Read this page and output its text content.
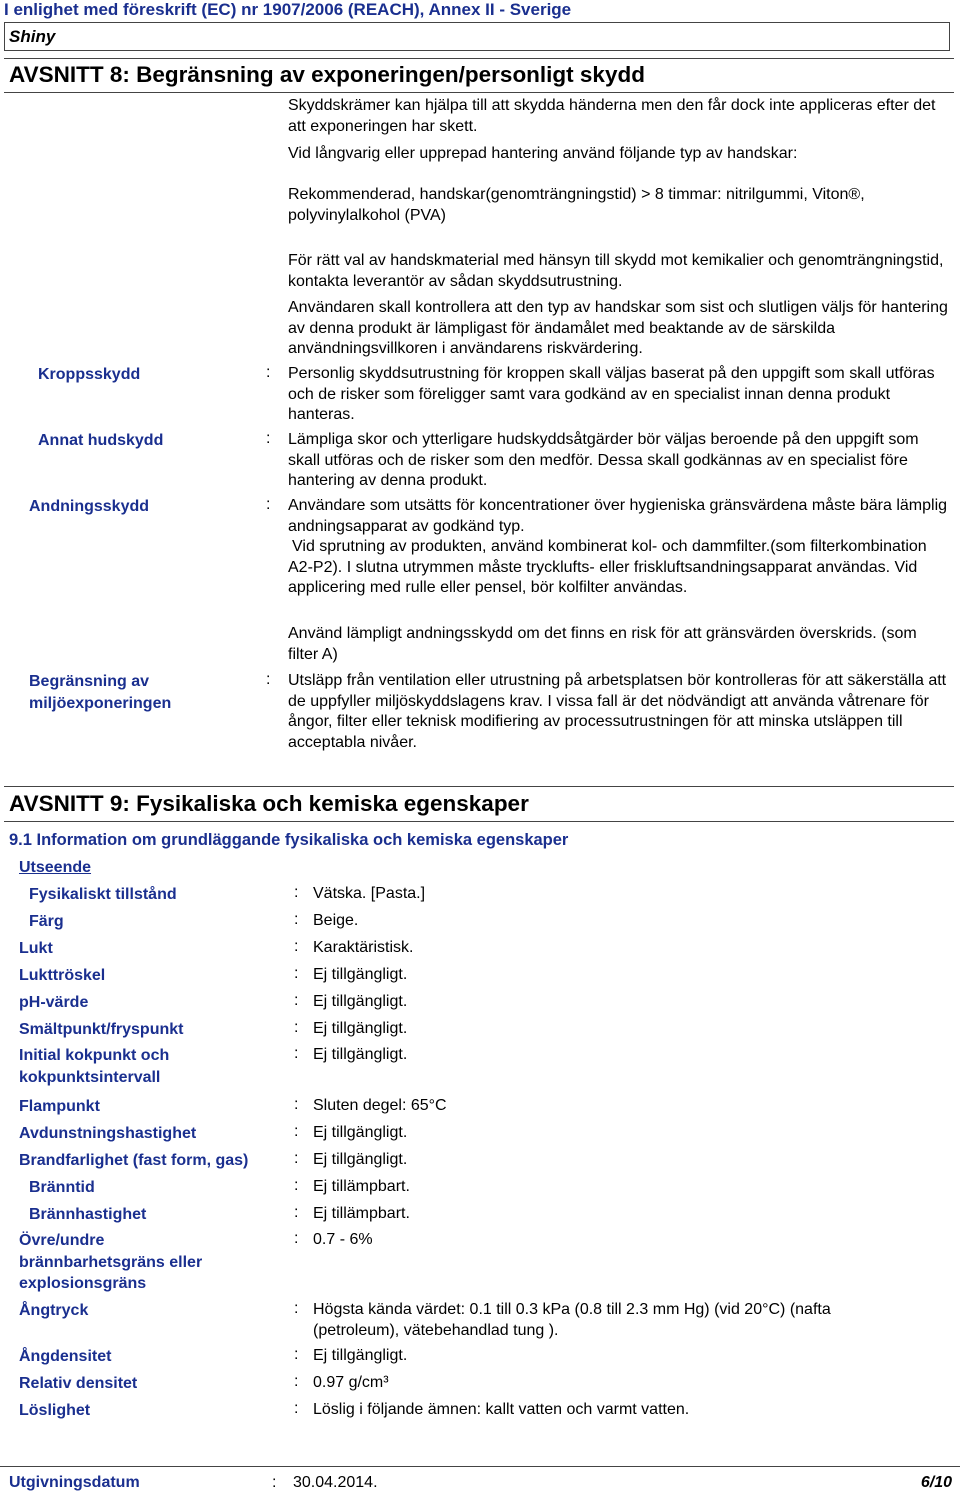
I enlighet med föreskrift (EC) nr 1907/2006 (REACH), Annex II - Sverige
Shiny
AVSNITT 8: Begränsning av exponeringen/personligt skydd
Skyddskrämer kan hjälpa till att skydda händerna men den får dock inte appliceras efter det att exponeringen har skett.
Vid långvarig eller upprepad hantering använd följande typ av handskar:
Rekommenderad, handskar(genomträngningstid) > 8 timmar: nitrilgummi, Viton®, polyvinylalkohol (PVA)
För rätt val av handskmaterial med hänsyn till skydd mot kemikalier och genomträngningstid, kontakta leverantör av sådan skyddsutrustning.
Användaren skall kontrollera att den typ av handskar som sist och slutligen väljs för hantering av denna produkt är lämpligast för ändamålet med beaktande av de särskilda användningsvillkoren i användarens riskvärdering.
Kroppsskydd	: Personlig skyddsutrustning för kroppen skall väljas baserat på den uppgift som skall utföras och de risker som föreligger samt vara godkänd av en specialist innan denna produkt hanteras.
Annat hudskydd	: Lämpliga skor och ytterligare hudskyddsåtgärder bör väljas beroende på den uppgift som skall utföras och de risker som den medför. Dessa skall godkännas av en specialist före hantering av denna produkt.
Andningsskydd	: Användare som utsätts för koncentrationer över hygieniska gränsvärdena måste bära lämplig andningsapparat av godkänd typ.
Vid sprutning av produkten, använd kombinerat kol- och dammfilter.(som filterkombination A2-P2). I slutna utrymmen måste trycklufts- eller friskluftsandningsapparat användas. Vid applicering med rulle eller pensel, bör kolfilter användas.
Använd lämpligt andningsskydd om det finns en risk för att gränsvärden överskrids. (som filter A)
Begränsning av miljöexponeringen
: Utsläpp från ventilation eller utrustning på arbetsplatsen bör kontrolleras för att säkerställa att de uppfyller miljöskyddslagens krav. I vissa fall är det nödvändigt att använda våtrenare för ångor, filter eller teknisk modifiering av processutrustningen för att minska utsläppen till acceptabla nivåer.
AVSNITT 9: Fysikaliska och kemiska egenskaper
9.1 Information om grundläggande fysikaliska och kemiska egenskaper
Utseende
Fysikaliskt tillstånd	: Vätska. [Pasta.]
Färg	: Beige.
Lukt	: Karaktäristisk.
Lukttröskel	: Ej tillgängligt.
pH-värde	: Ej tillgängligt.
Smältpunkt/fryspunkt	: Ej tillgängligt.
Initial kokpunkt och kokpunktsintervall
: Ej tillgängligt.
Flampunkt	: Sluten degel: 65°C
Avdunstningshastighet	: Ej tillgängligt.
Brandfarlighet (fast form, gas)	: Ej tillgängligt.
Bränntid	: Ej tillämpbart.
Brännhastighet	: Ej tillämpbart.
Övre/undre brännbarhetsgräns eller explosionsgräns
: 0.7 - 6%
Ångtryck	: Högsta kända värdet: 0.1 till 0.3 kPa (0.8 till 2.3 mm Hg) (vid 20°C) (nafta (petroleum), vätebehandlad tung ).
Ångdensitet	: Ej tillgängligt.
Relativ densitet	: 0.97 g/cm³
Löslighet	: Löslig i följande ämnen: kallt vatten och varmt vatten.
Utgivningsdatum	: 30.04.2014.	6/10
